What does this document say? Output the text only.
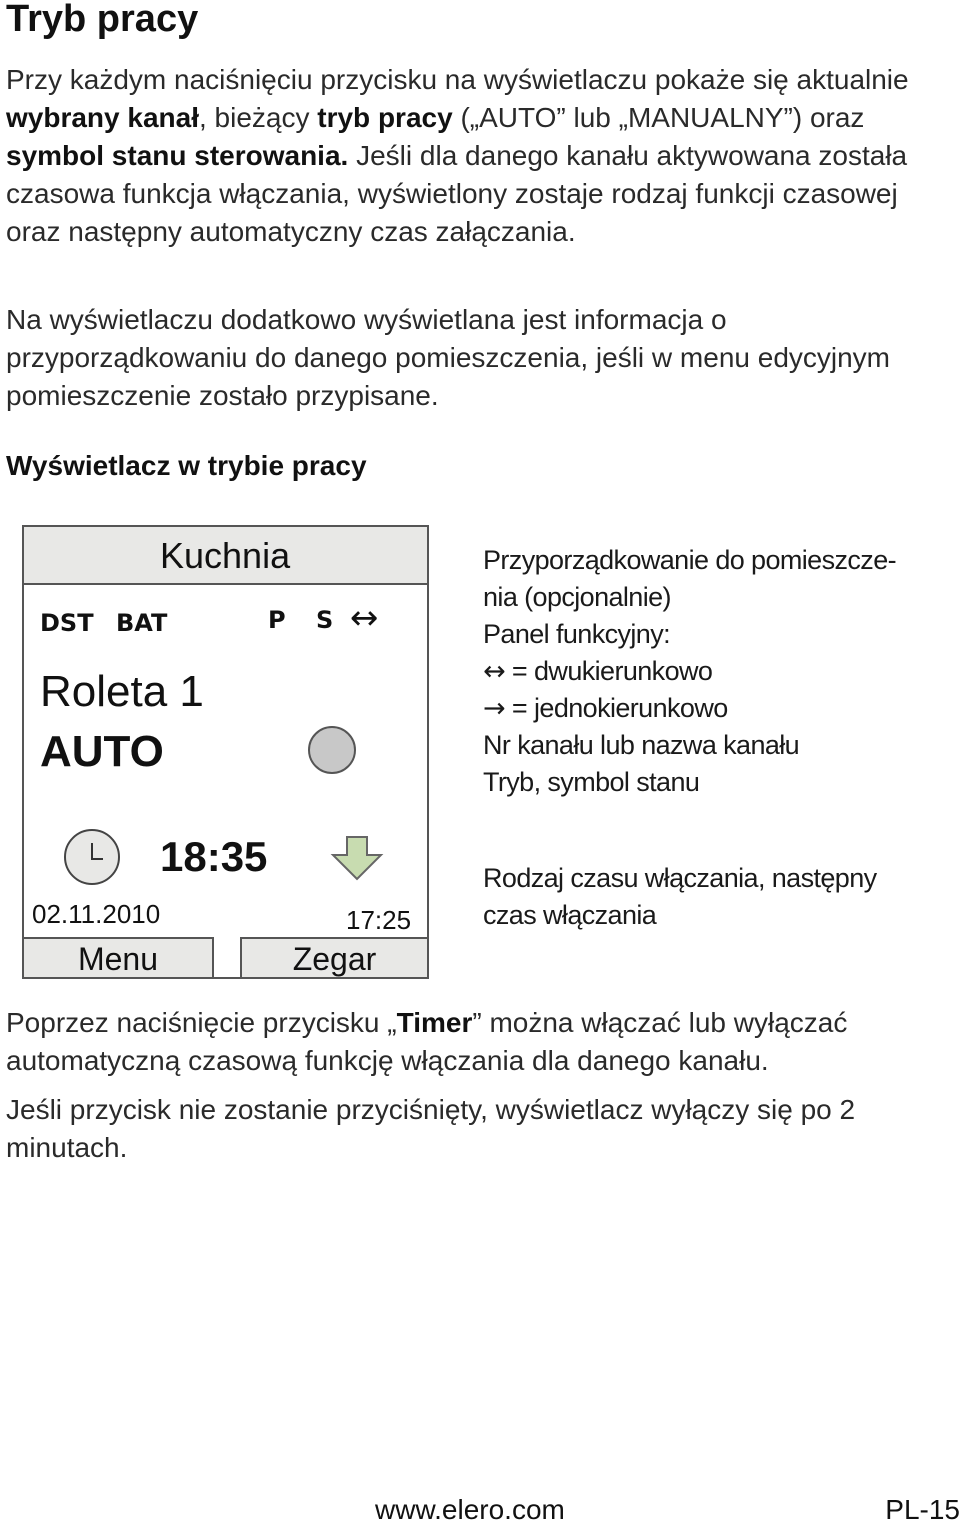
Tryb pracy

Przy każdym naciśnięciu przycisku na wyświetlaczu pokaże się aktualnie wybrany kanał, bieżący tryb pracy („AUTO” lub „MANUALNY”) oraz symbol stanu sterowania. Jeśli dla danego kanału aktywowana została czasowa funkcja włączania, wyświetlony zostaje rodzaj funkcji czasowej oraz następny automatyczny czas załączania.

Na wyświetlaczu dodatkowo wyświetlana jest informacja o przyporządkowaniu do danego pomieszczenia, jeśli w menu edycyjnym pomieszczenie zostało przypisane.

Wyświetlacz w trybie pracy
Kuchnia
DST BAT	P S
Roleta 1
AUTO
18:35
02.11.2010	17:25
Menu	Zegar
↔
Przyporządkowanie do pomieszcze-
nia (opcjonalnie)
Panel funkcyjny:
↔ = dwukierunkowo
→ = jednokierunkowo
Nr kanału lub nazwa kanału
Tryb, symbol stanu
Rodzaj czasu włączania, następny
czas włączania

Poprzez naciśnięcie przycisku „Timer” można włączać lub wyłączać automatyczną czasową funkcję włączania dla danego kanału.

Jeśli przycisk nie zostanie przyciśnięty, wyświetlacz wyłączy się po 2 minutach.

www.elero.com	PL-15
